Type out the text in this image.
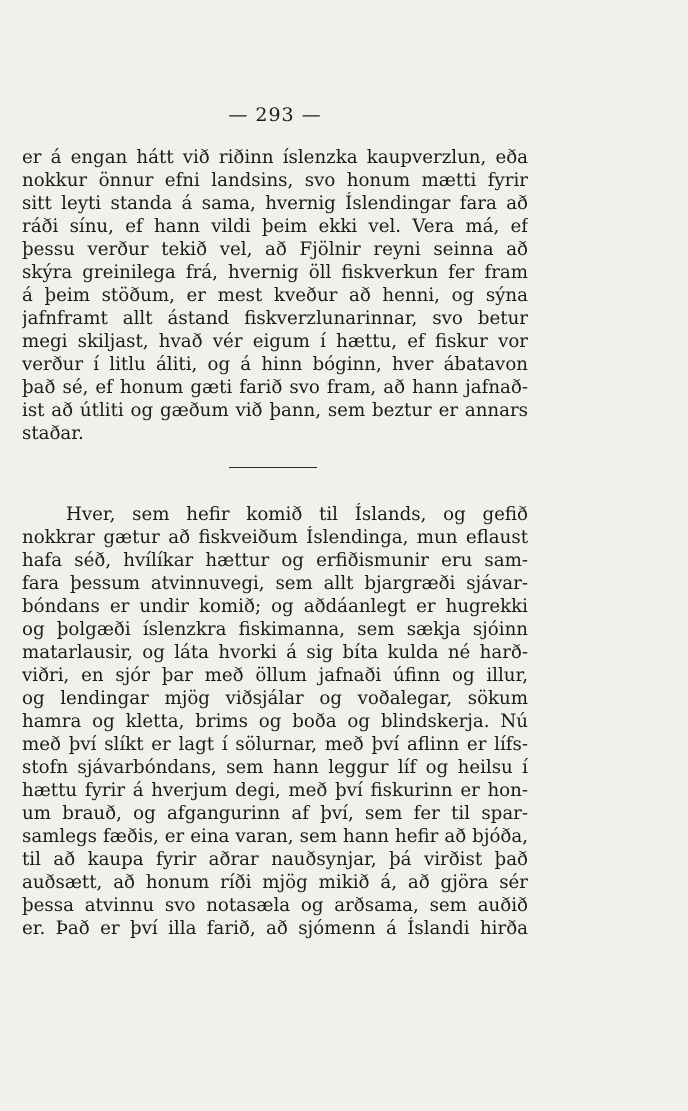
— 293 —
er á engan hátt við riðinn íslenzka kaupverzlun, eða
nokkur önnur efni landsins, svo honum mætti fyrir
sitt leyti standa á sama, hvernig Íslendingar fara að
ráði sínu, ef hann vildi þeim ekki vel. Vera má, ef
þessu verður tekið vel, að Fjölnir reyni seinna að
skýra greinilega frá, hvernig öll fiskverkun fer fram
á þeim stöðum, er mest kveður að henni, og sýna
jafnframt allt ástand fiskverzlunarinnar, svo betur
megi skiljast, hvað vér eigum í hættu, ef fiskur vor
verður í litlu áliti, og á hinn bóginn, hver ábatavon
það sé, ef honum gæti farið svo fram, að hann jafnað-
ist að útliti og gæðum við þann, sem beztur er annars
staðar.
Hver, sem hefir komið til Íslands, og gefið
nokkrar gætur að fiskveiðum Íslendinga, mun eflaust
hafa séð, hvílíkar hættur og erfiðismunir eru sam-
fara þessum atvinnuvegi, sem allt bjargræði sjávar-
bóndans er undir komið; og aðdáanlegt er hugrekki
og þolgæði íslenzkra fiskimanna, sem sækja sjóinn
matarlausir, og láta hvorki á sig bíta kulda né harð-
viðri, en sjór þar með öllum jafnaði úfinn og illur,
og lendingar mjög viðsjálar og voðalegar, sökum
hamra og kletta, brims og boða og blindskerja. Nú
með því slíkt er lagt í sölurnar, með því aflinn er lífs-
stofn sjávarbóndans, sem hann leggur líf og heilsu í
hættu fyrir á hverjum degi, með því fiskurinn er hon-
um brauð, og afgangurinn af því, sem fer til spar-
samlegs fæðis, er eina varan, sem hann hefir að bjóða,
til að kaupa fyrir aðrar nauðsynjar, þá virðist það
auðsætt, að honum ríði mjög mikið á, að gjöra sér
þessa atvinnu svo notasæla og arðsama, sem auðið
er. Það er því illa farið, að sjómenn á Íslandi hirða
